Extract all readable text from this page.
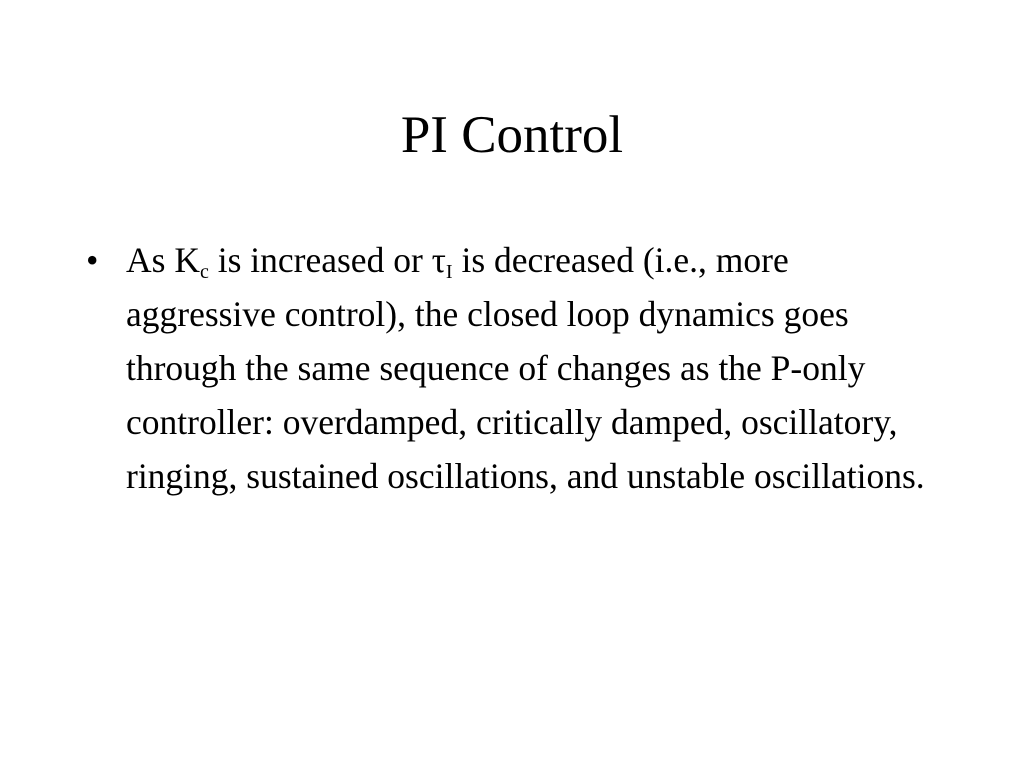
PI Control
• As $K_c$ is increased or $\tau_I$ is decreased (i.e., more aggressive control), the closed loop dynamics goes through the same sequence of changes as the P-only controller: overdamped, critically damped, oscillatory, ringing, sustained oscillations, and unstable oscillations.
